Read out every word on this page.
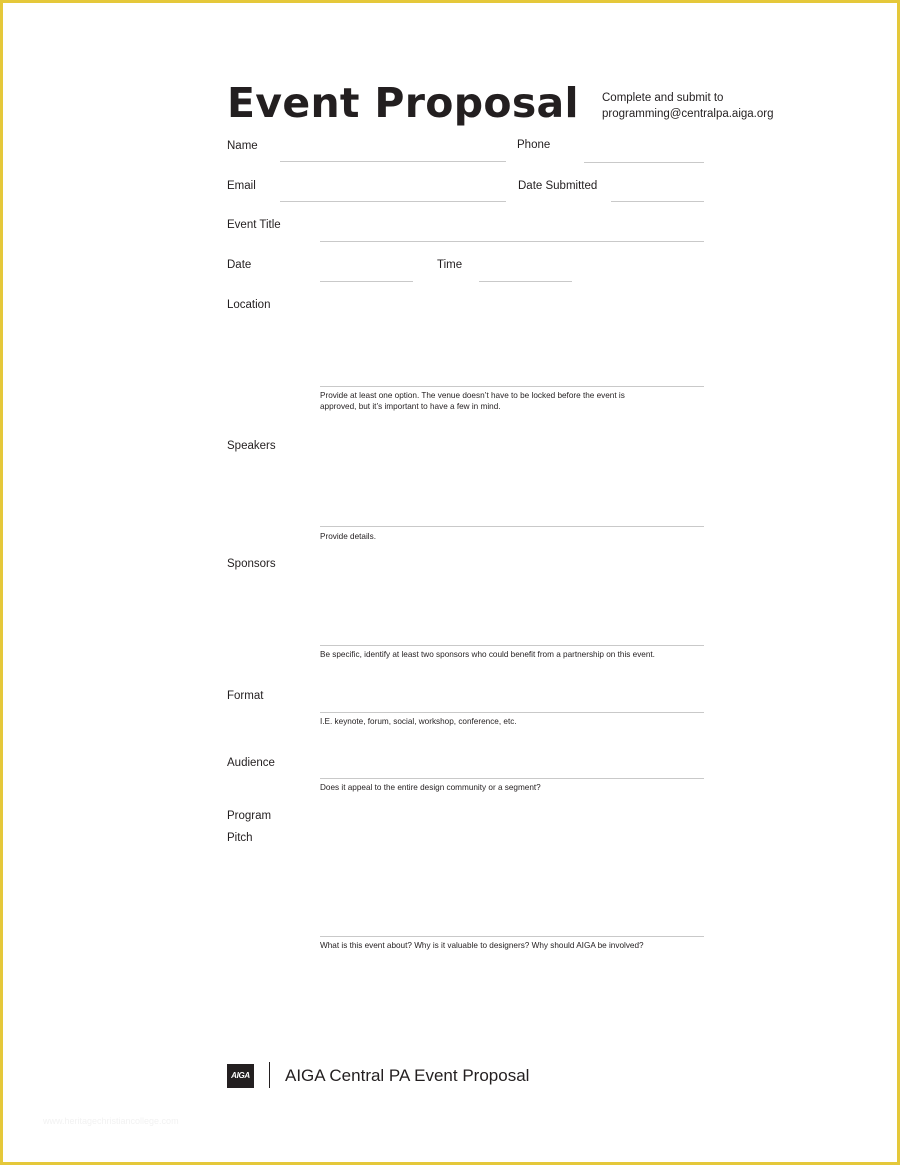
Event Proposal Complete and submit to
programming@centralpa.aiga.org
Name	Phone
Email	Date Submitted
Event Title
Date	Time
Location
Provide at least one option. The venue doesn’t have to be locked before the event is
approved, but it’s important to have a few in mind.
Speakers
Provide details.
Sponsors
Be specific, identify at least two sponsors who could benefit from a partnership on this event.
Format
I.E. keynote, forum, social, workshop, conference, etc.
Audience
Does it appeal to the entire design community or a segment?
Program
Pitch
What is this event about? Why is it valuable to designers? Why should AIGA be involved?
AIGA AIGA Central PA Event Proposal
www.heritagechristiancollege.com
